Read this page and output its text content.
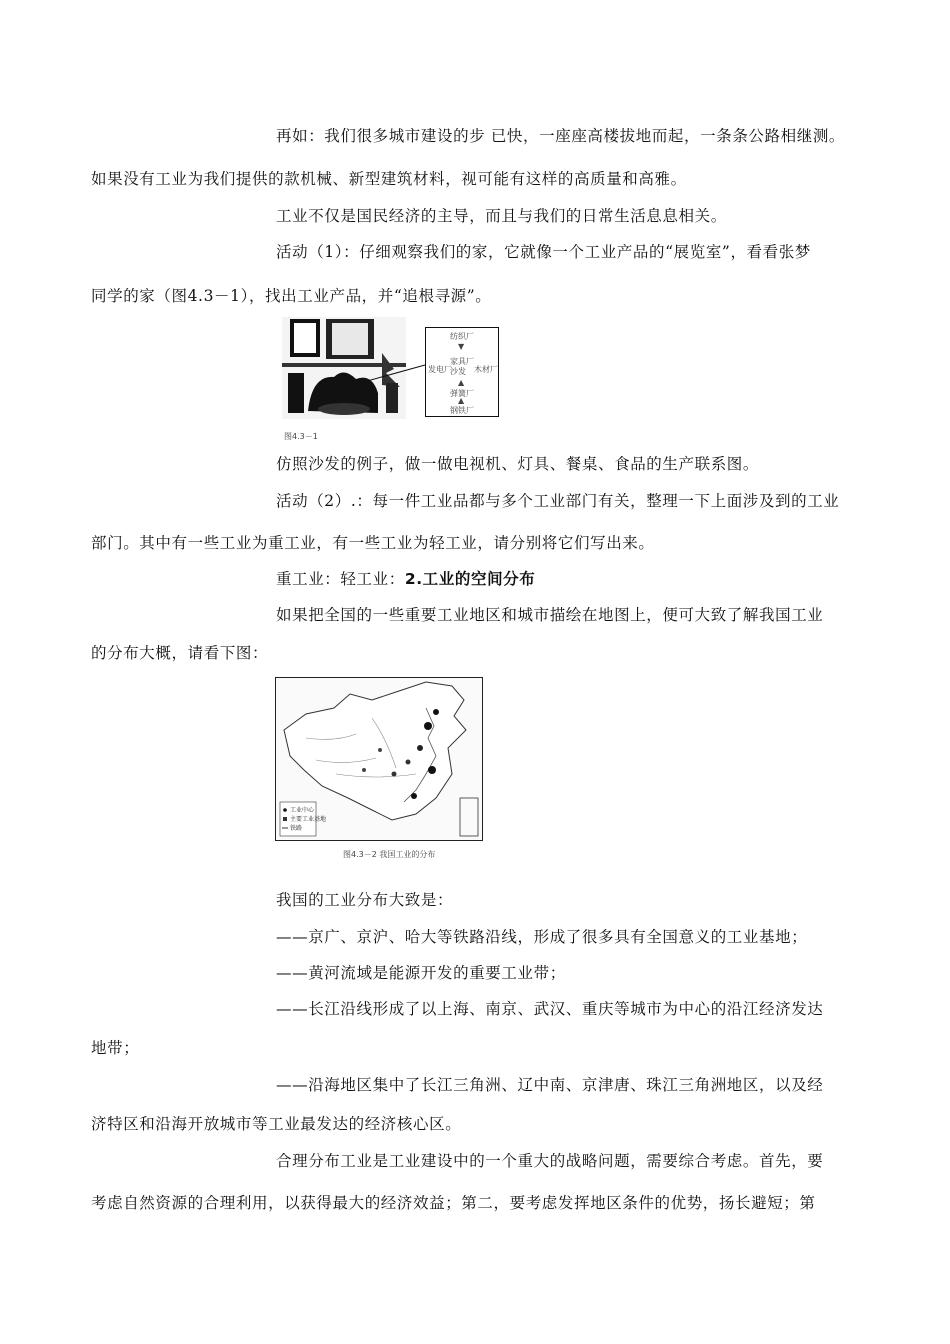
再如：我们很多城市建设的步 已快，一座座高楼拔地而起，一条条公路相继测。
如果没有工业为我们提供的款机械、新型建筑材料，视可能有这样的高质量和高雅。
工业不仅是国民经济的主导，而且与我们的日常生活息息相关。
活动（1）：仔细观察我们的家，它就像一个工业产品的“展览室”，看看张梦
同学的家（图4.3－1），找出工业产品，并“追根寻源”。
纺织厂
▼
家具厂
发电厂
沙发 木材厂
▲
弹簧厂
▲
钢铁厂
图4.3－1
仿照沙发的例子，做一做电视机、灯具、餐桌、食品的生产联系图。
活动（2）.：每一件工业品都与多个工业部门有关，整理一下上面涉及到的工业
部门。其中有一些工业为重工业，有一些工业为轻工业，请分别将它们写出来。
重工业：轻工业：2.工业的空间分布
如果把全国的一些重要工业地区和城市描绘在地图上，便可大致了解我国工业
的分布大概，请看下图：
工业中心
主要工业基地
铁路
图4.3－2 我国工业的分布
我国的工业分布大致是：
——京广、京沪、哈大等铁路沿线，形成了很多具有全国意义的工业基地；
——黄河流域是能源开发的重要工业带；
——长江沿线形成了以上海、南京、武汉、重庆等城市为中心的沿江经济发达
地带；
——沿海地区集中了长江三角洲、辽中南、京津唐、珠江三角洲地区，以及经
济特区和沿海开放城市等工业最发达的经济核心区。
合理分布工业是工业建设中的一个重大的战略问题，需要综合考虑。首先，要
考虑自然资源的合理利用，以获得最大的经济效益；第二，要考虑发挥地区条件的优势，扬长避短；第
